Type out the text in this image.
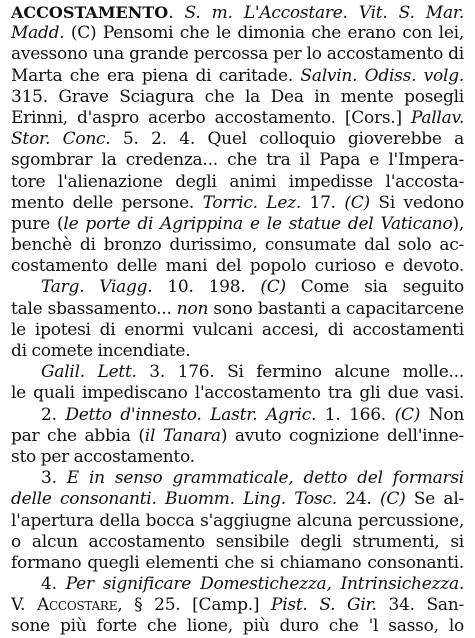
ACCOSTAMENTO. S. m. L'Accostare. Vit. S. Mar.
Madd. (C) Pensomi che le dimonia che erano con lei,
avessono una grande percossa per lo accostamento di
Marta che era piena di caritade. Salvin. Odiss. volg.
315. Grave Sciagura che la Dea in mente posegli
Erinni, d'aspro acerbo accostamento. [Cors.] Pallav.
Stor. Conc. 5. 2. 4. Quel colloquio gioverebbe a
sgombrar la credenza... che tra il Papa e l'Impera-
tore l'alienazione degli animi impedisse l'accosta-
mento delle persone. Torric. Lez. 17. (C) Si vedono
pure (le porte di Agrippina e le statue del Vaticano),
benchè di bronzo durissimo, consumate dal solo ac-
costamento delle mani del popolo curioso e devoto.
Targ. Viagg. 10. 198. (C) Come sia seguito
tale sbassamento... non sono bastanti a capacitarcene
le ipotesi di enormi vulcani accesi, di accostamenti
di comete incendiate.
Galil. Lett. 3. 176. Si fermino alcune molle...
le quali impediscano l'accostamento tra gli due vasi.
2. Detto d'innesto. Lastr. Agric. 1. 166. (C) Non
par che abbia (il Tanara) avuto cognizione dell'inne-
sto per accostamento.
3. E in senso grammaticale, detto del formarsi
delle consonanti. Buomm. Ling. Tosc. 24. (C) Se al-
l'apertura della bocca s'aggiugne alcuna percussione,
o alcun accostamento sensibile degli strumenti, si
formano quegli elementi che si chiamano consonanti.
4. Per significare Domestichezza, Intrinsichezza.
V. Accostare, § 25. [Camp.] Pist. S. Gir. 34. San-
sone più forte che lione, più duro che 'l sasso, lo
